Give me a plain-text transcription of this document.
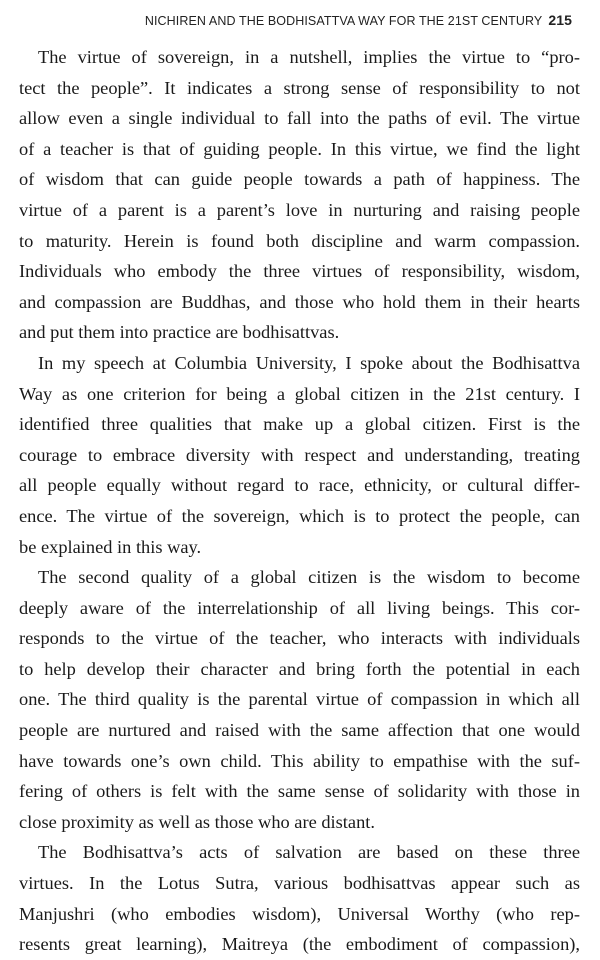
NICHIREN AND THE BODHISATTVA WAY FOR THE 21ST CENTURY 215

The virtue of sovereign, in a nutshell, implies the virtue to “pro-
tect the people”. It indicates a strong sense of responsibility to not
allow even a single individual to fall into the paths of evil. The virtue
of a teacher is that of guiding people. In this virtue, we find the light
of wisdom that can guide people towards a path of happiness. The
virtue of a parent is a parent’s love in nurturing and raising people
to maturity. Herein is found both discipline and warm compassion.
Individuals who embody the three virtues of responsibility, wisdom,
and compassion are Buddhas, and those who hold them in their hearts
and put them into practice are bodhisattvas.

In my speech at Columbia University, I spoke about the Bodhisattva
Way as one criterion for being a global citizen in the 21st century. I
identified three qualities that make up a global citizen. First is the
courage to embrace diversity with respect and understanding, treating
all people equally without regard to race, ethnicity, or cultural differ-
ence. The virtue of the sovereign, which is to protect the people, can
be explained in this way.

The second quality of a global citizen is the wisdom to become
deeply aware of the interrelationship of all living beings. This cor-
responds to the virtue of the teacher, who interacts with individuals
to help develop their character and bring forth the potential in each
one. The third quality is the parental virtue of compassion in which all
people are nurtured and raised with the same affection that one would
have towards one’s own child. This ability to empathise with the suf-
fering of others is felt with the same sense of solidarity with those in
close proximity as well as those who are distant.

The Bodhisattva’s acts of salvation are based on these three
virtues. In the Lotus Sutra, various bodhisattvas appear such as
Manjushri (who embodies wisdom), Universal Worthy (who rep-
resents great learning), Maitreya (the embodiment of compassion),
